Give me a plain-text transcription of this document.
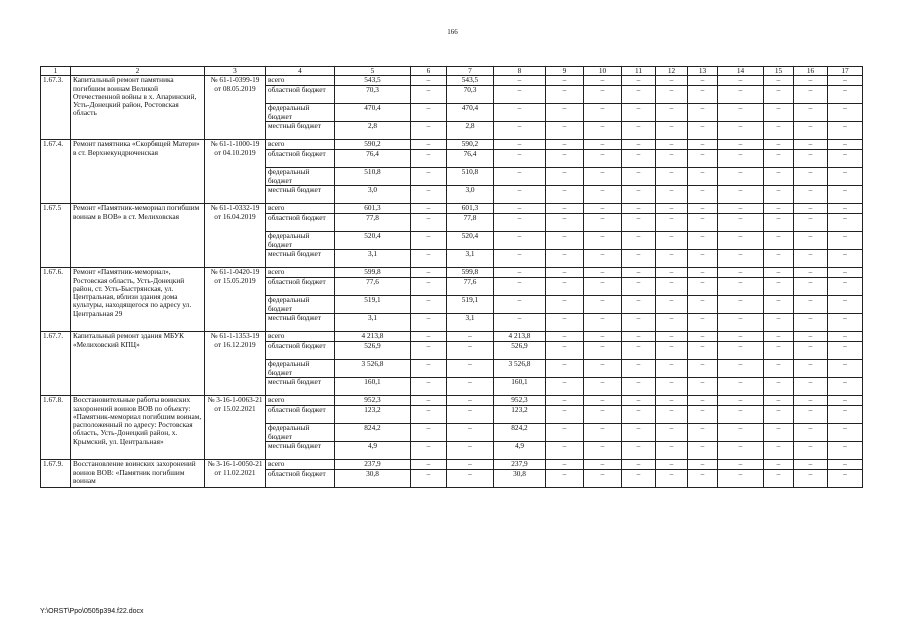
166
1	2	3	4	5	6	7	8	9	10	11	12	13	14	15	16	17
1.67.3.	Капитальный ремонт памятника погибшим воинам Великой Отечественной войны в х. Апаринский, Усть-Донецкий район, Ростовская область	№ 61-1-0399-19 от 08.05.2019	всего	543,5	–	543,5	–	–	–	–	–	–	–	–	–	–
			областной бюджет	70,3	–	70,3	–	–	–	–	–	–	–	–	–	–
			федеральный бюджет	470,4	–	470,4	–	–	–	–	–	–	–	–	–	–
			местный бюджет	2,8	–	2,8	–	–	–	–	–	–	–	–	–	–
1.67.4.	Ремонт памятника «Скорбящей Матери» в ст. Верхнекундрюченская	№ 61-1-1000-19 от 04.10.2019	всего	590,2	–	590,2	–	–	–	–	–	–	–	–	–	–
			областной бюджет	76,4	–	76,4	–	–	–	–	–	–	–	–	–	–
			федеральный бюджет	510,8	–	510,8	–	–	–	–	–	–	–	–	–	–
			местный бюджет	3,0	–	3,0	–	–	–	–	–	–	–	–	–	–
1.67.5	Ремонт «Памятник-мемориал погибшим воинам в ВОВ» в ст. Мелиховская	№ 61-1-0332-19 от 16.04.2019	всего	601,3	–	601,3	–	–	–	–	–	–	–	–	–	–
			областной бюджет	77,8	–	77,8	–	–	–	–	–	–	–	–	–	–
			федеральный бюджет	520,4	–	520,4	–	–	–	–	–	–	–	–	–	–
			местный бюджет	3,1	–	3,1	–	–	–	–	–	–	–	–	–	–
1.67.6.	Ремонт «Памятник-мемориал», Ростовская область, Усть-Донецкий район, ст. Усть-Быстрянская, ул. Центральная, вблизи здания дома культуры, находящегося по адресу ул. Центральная 29	№ 61-1-0420-19 от 15.05.2019	всего	599,8	–	599,8	–	–	–	–	–	–	–	–	–	–
			областной бюджет	77,6	–	77,6	–	–	–	–	–	–	–	–	–	–
			федеральный бюджет	519,1	–	519,1	–	–	–	–	–	–	–	–	–	–
			местный бюджет	3,1	–	3,1	–	–	–	–	–	–	–	–	–	–
1.67.7.	Капитальный ремонт здания МБУК «Мелиховский КПЦ»	№ 61-1-1353-19 от 16.12.2019	всего	4 213,8	–	–	4 213,8	–	–	–	–	–	–	–	–	–
			областной бюджет	526,9	–	–	526,9	–	–	–	–	–	–	–	–	–
			федеральный бюджет	3 526,8	–	–	3 526,8	–	–	–	–	–	–	–	–	–
			местный бюджет	160,1	–	–	160,1	–	–	–	–	–	–	–	–	–
1.67.8.	Восстановительные работы воинских захоронений воинов ВОВ по объекту: «Памятник-мемориал погибшим воинам, расположенный по адресу: Ростовская область, Усть-Донецкий район, х. Крымский, ул. Центральная»	№ 3-16-1-0063-21 от 15.02.2021	всего	952,3	–	–	952,3	–	–	–	–	–	–	–	–	–
			областной бюджет	123,2	–	–	123,2	–	–	–	–	–	–	–	–	–
			федеральный бюджет	824,2	–	–	824,2	–	–	–	–	–	–	–	–	–
			местный бюджет	4,9	–	–	4,9	–	–	–	–	–	–	–	–	–
1.67.9.	Восстановление воинских захоронений воинов ВОВ: «Памятник погибшим воинам	№ 3-16-1-0050-21 от 11.02.2021	всего	237,9	–	–	237,9	–	–	–	–	–	–	–	–	–
			областной бюджет	30,8	–	–	30,8	–	–	–	–	–	–	–	–	–
Y:\ORST\Ppo\0505p394.f22.docx
